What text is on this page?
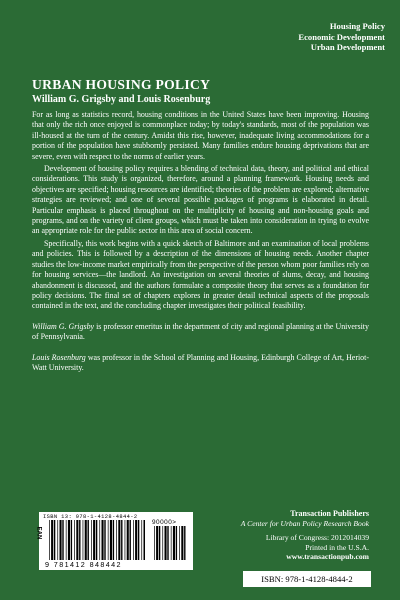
Housing Policy
Economic Development
Urban Development
URBAN HOUSING POLICY
William G. Grigsby and Louis Rosenburg

For as long as statistics record, housing conditions in the United States have been improving. Housing that only the rich once enjoyed is commonplace today; by today's standards, most of the population was ill-housed at the turn of the century. Amidst this rise, however, inadequate living accommodations for a portion of the population have stubbornly persisted. Many families endure housing deprivations that are severe, even with respect to the norms of earlier years.

Development of housing policy requires a blending of technical data, theory, and political and ethical considerations. This study is organized, therefore, around a planning framework. Housing needs and objectives are specified; housing resources are identified; theories of the problem are explored; alternative strategies are reviewed; and one of several possible packages of programs is elaborated in detail. Particular emphasis is placed throughout on the multiplicity of housing and non-housing goals and programs, and on the variety of client groups, which must be taken into consideration in trying to evolve an appropriate role for the public sector in this area of social concern.

Specifically, this work begins with a quick sketch of Baltimore and an examination of local problems and policies. This is followed by a description of the dimensions of housing needs. Another chapter studies the low-income market empirically from the perspective of the person whom poor families rely on for housing services—the landlord. An investigation on several theories of slums, decay, and housing abandonment is discussed, and the authors formulate a composite theory that serves as a foundation for policy decisions. The final set of chapters explores in greater detail technical aspects of the proposals contained in the text, and the concluding chapter investigates their political feasibility.

William G. Grigsby is professor emeritus in the department of city and regional planning at the University of Pennsylvania.

Louis Rosenburg was professor in the School of Planning and Housing, Edinburgh College of Art, Heriot-Watt University.

ISBN 13: 978-1-4128-4844-2
EAN
90000>
9 781412 848442
Transaction Publishers
A Center for Urban Policy Research Book
Library of Congress: 2012014039
Printed in the U.S.A.
www.transactionpub.com
ISBN: 978-1-4128-4844-2
